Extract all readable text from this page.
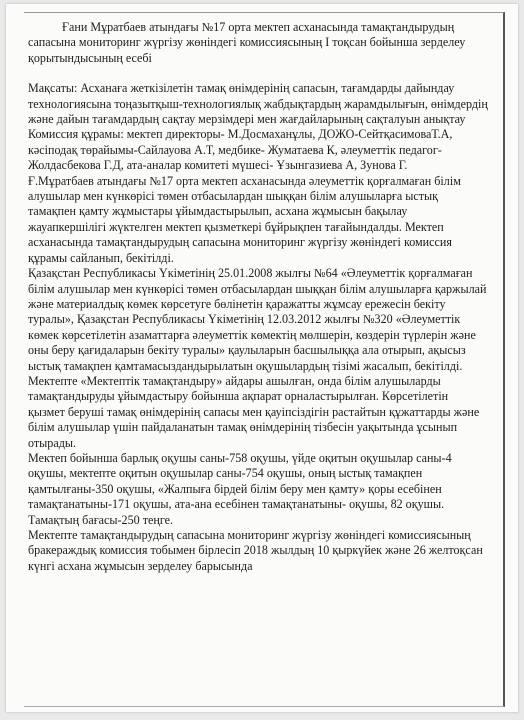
Ғани Мұратбаев атындағы №17 орта мектеп асханасында тамақтандырудың сапасына мониторинг жүргізу жөніндегі комиссиясының I тоқсан бойынша зерделеу қорытындысының есебі

Мақсаты: Асханаға жеткізілетін тамақ өнімдерінің сапасын, тағамдарды дайындау технологиясына тоңазытқыш-технологиялық жабдықтардың жарамдылығын, өнімдердің және дайын тағамдардың сақтау мерзімдері мен жағдайларының сақталуын анықтау

Комиссия құрамы: мектеп директоры- М.Досмаханұлы, ДОЖО-СейтқасимоваТ.А, кәсіподақ төрайымы-Сайлауова А.Т, медбике- Жуматаева К, әлеуметтік педагог-Жолдасбекова Г.Д, ата-аналар комитеті мүшесі- Ұзынгазиева А, Зунова Г.

Ғ.Мұратбаев атындағы №17 орта мектеп асханасында әлеуметтік қорғалмаған білім алушылар мен күнкөрісі төмен отбасылардан шыққан білім алушыларға ыстық тамақпен қамту жұмыстары ұйымдастырылып, асхана жұмысын бақылау жауапкершілігі жүктелген мектеп қызметкері бұйрықпен тағайындалды. Мектеп асханасында тамақтандырудың сапасына мониторинг жүргізу жөніндегі комиссия құрамы сайланып, бекітілді.

Қазақстан Республикасы Үкіметінің 25.01.2008 жылғы №64 «Әлеуметтік қорғалмаған білім алушылар мен күнкөрісі төмен отбасылардан шыққан білім алушыларға қаржылай және материалдық көмек көрсетуге бөлінетін қаражатты жұмсау ережесін бекіту туралы», Қазақстан Республикасы Үкіметінің 12.03.2012 жылғы №320 «Әлеуметтік көмек көрсетілетін азаматтарға әлеуметтік көмектің мөлшерін, көздерін түрлерін және оны беру қағидаларын бекіту туралы» қаулыларын басшылыққа ала отырып, ақысыз ыстық тамақпен қамтамасыздандырылатын оқушылардың тізімі жасалып, бекітілді. Мектепте «Мектептік тамақтандыру» айдары ашылған, онда білім алушыларды тамақтандыруды ұйымдастыру бойынша ақпарат орналастырылған. Көрсетілетін қызмет беруші тамақ өнімдерінің сапасы мен қауіпсіздігін растайтын құжаттарды және білім алушылар үшін пайдаланатын тамақ өнімдерінің тізбесін уақытында ұсынып отырады.

Мектеп бойынша барлық оқушы саны-758 оқушы, үйде оқитын оқушылар саны-4 оқушы, мектепте оқитын оқушылар саны-754 оқушы, оның ыстық тамақпен қамтылғаны-350 оқушы, «Жалпыға бірдей білім беру мен қамту» қоры есебінен тамақтанатыны-171 оқушы, ата-ана есебінен тамақтанатыны- оқушы, 82 оқушы. Тамақтың бағасы-250 теңге.

Мектепте тамақтандырудың сапасына мониторинг жүргізу жөніндегі комиссиясының бракераждық комиссия тобымен бірлесіп 2018 жылдың 10 қыркүйек және 26 желтоқсан күнгі асхана жұмысын зерделеу барысында
